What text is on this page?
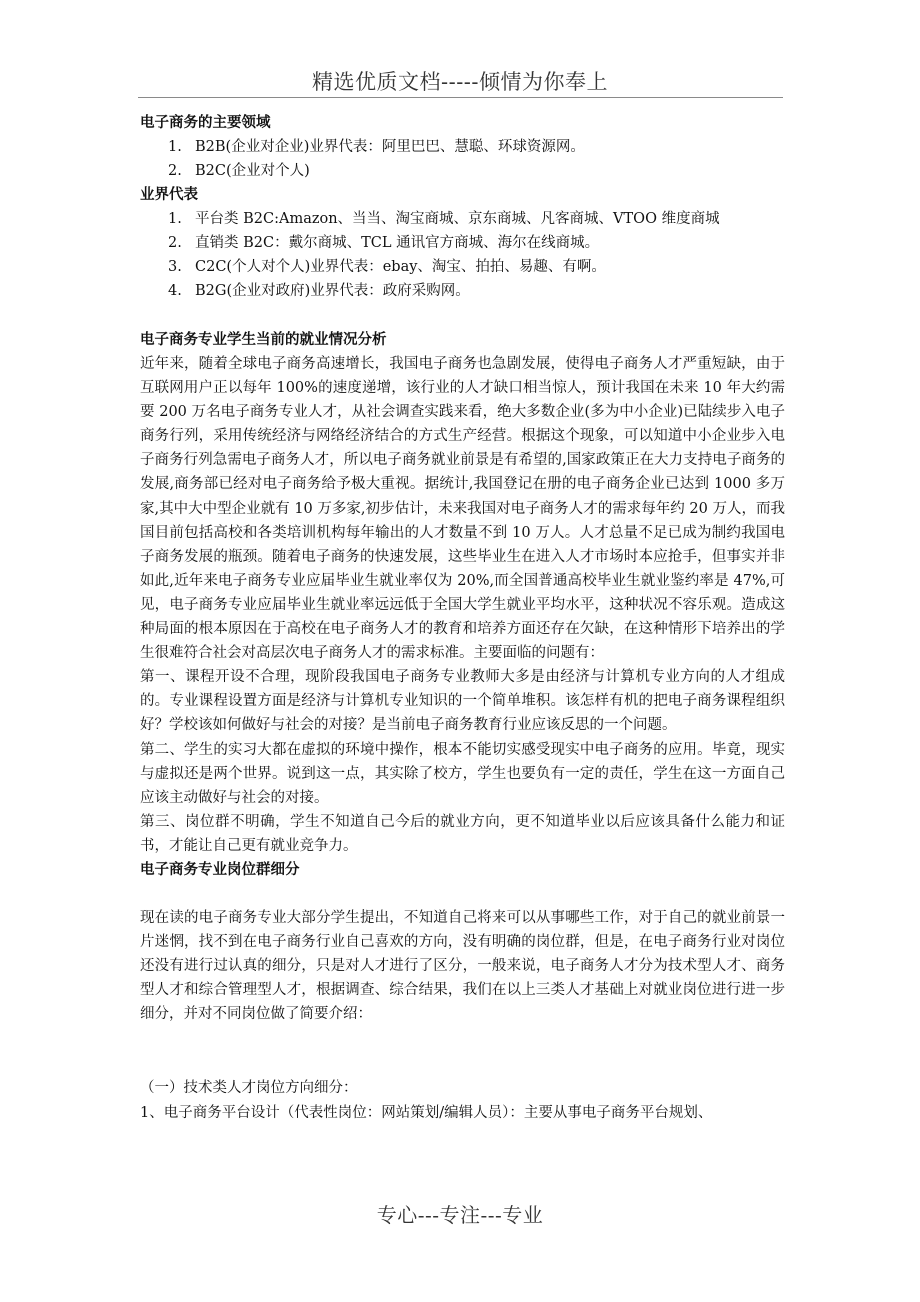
精选优质文档-----倾情为你奉上
电子商务的主要领域
1. B2B(企业对企业)业界代表：阿里巴巴、慧聪、环球资源网。
2. B2C(企业对个人)
业界代表
1. 平台类 B2C:Amazon、当当、淘宝商城、京东商城、凡客商城、VTOO 维度商城
2. 直销类 B2C：戴尔商城、TCL 通讯官方商城、海尔在线商城。
3. C2C(个人对个人)业界代表：ebay、淘宝、拍拍、易趣、有啊。
4. B2G(企业对政府)业界代表：政府采购网。
电子商务专业学生当前的就业情况分析

近年来，随着全球电子商务高速增长，我国电子商务也急剧发展，使得电子商务人才严重短缺，由于互联网用户正以每年 100%的速度递增，该行业的人才缺口相当惊人，预计我国在未来 10 年大约需要 200 万名电子商务专业人才，从社会调查实践来看，绝大多数企业(多为中小企业)已陆续步入电子商务行列，采用传统经济与网络经济结合的方式生产经营。根据这个现象，可以知道中小企业步入电子商务行列急需电子商务人才，所以电子商务就业前景是有希望的,国家政策正在大力支持电子商务的发展,商务部已经对电子商务给予极大重视。据统计,我国登记在册的电子商务企业已达到 1000 多万家,其中大中型企业就有 10 万多家,初步估计，未来我国对电子商务人才的需求每年约 20 万人，而我国目前包括高校和各类培训机构每年输出的人才数量不到 10 万人。人才总量不足已成为制约我国电子商务发展的瓶颈。随着电子商务的快速发展，这些毕业生在进入人才市场时本应抢手，但事实并非如此,近年来电子商务专业应届毕业生就业率仅为 20%,而全国普通高校毕业生就业鉴约率是 47%,可见，电子商务专业应届毕业生就业率远远低于全国大学生就业平均水平，这种状况不容乐观。造成这种局面的根本原因在于高校在电子商务人才的教育和培养方面还存在欠缺，在这种情形下培养出的学生很难符合社会对高层次电子商务人才的需求标准。主要面临的问题有：

第一、课程开设不合理，现阶段我国电子商务专业教师大多是由经济与计算机专业方向的人才组成的。专业课程设置方面是经济与计算机专业知识的一个简单堆积。该怎样有机的把电子商务课程组织好？学校该如何做好与社会的对接？是当前电子商务教育行业应该反思的一个问题。

第二、学生的实习大都在虚拟的环境中操作，根本不能切实感受现实中电子商务的应用。毕竟，现实与虚拟还是两个世界。说到这一点，其实除了校方，学生也要负有一定的责任，学生在这一方面自己应该主动做好与社会的对接。

第三、岗位群不明确，学生不知道自己今后的就业方向，更不知道毕业以后应该具备什么能力和证书，才能让自己更有就业竞争力。

电子商务专业岗位群细分

现在读的电子商务专业大部分学生提出，不知道自己将来可以从事哪些工作，对于自己的就业前景一片迷惘，找不到在电子商务行业自己喜欢的方向，没有明确的岗位群，但是，在电子商务行业对岗位还没有进行过认真的细分，只是对人才进行了区分，一般来说，电子商务人才分为技术型人才、商务型人才和综合管理型人才，根据调查、综合结果，我们在以上三类人才基础上对就业岗位进行进一步细分，并对不同岗位做了简要介绍：

（一）技术类人才岗位方向细分：

1、电子商务平台设计（代表性岗位：网站策划/编辑人员）：主要从事电子商务平台规划、

专心---专注---专业
